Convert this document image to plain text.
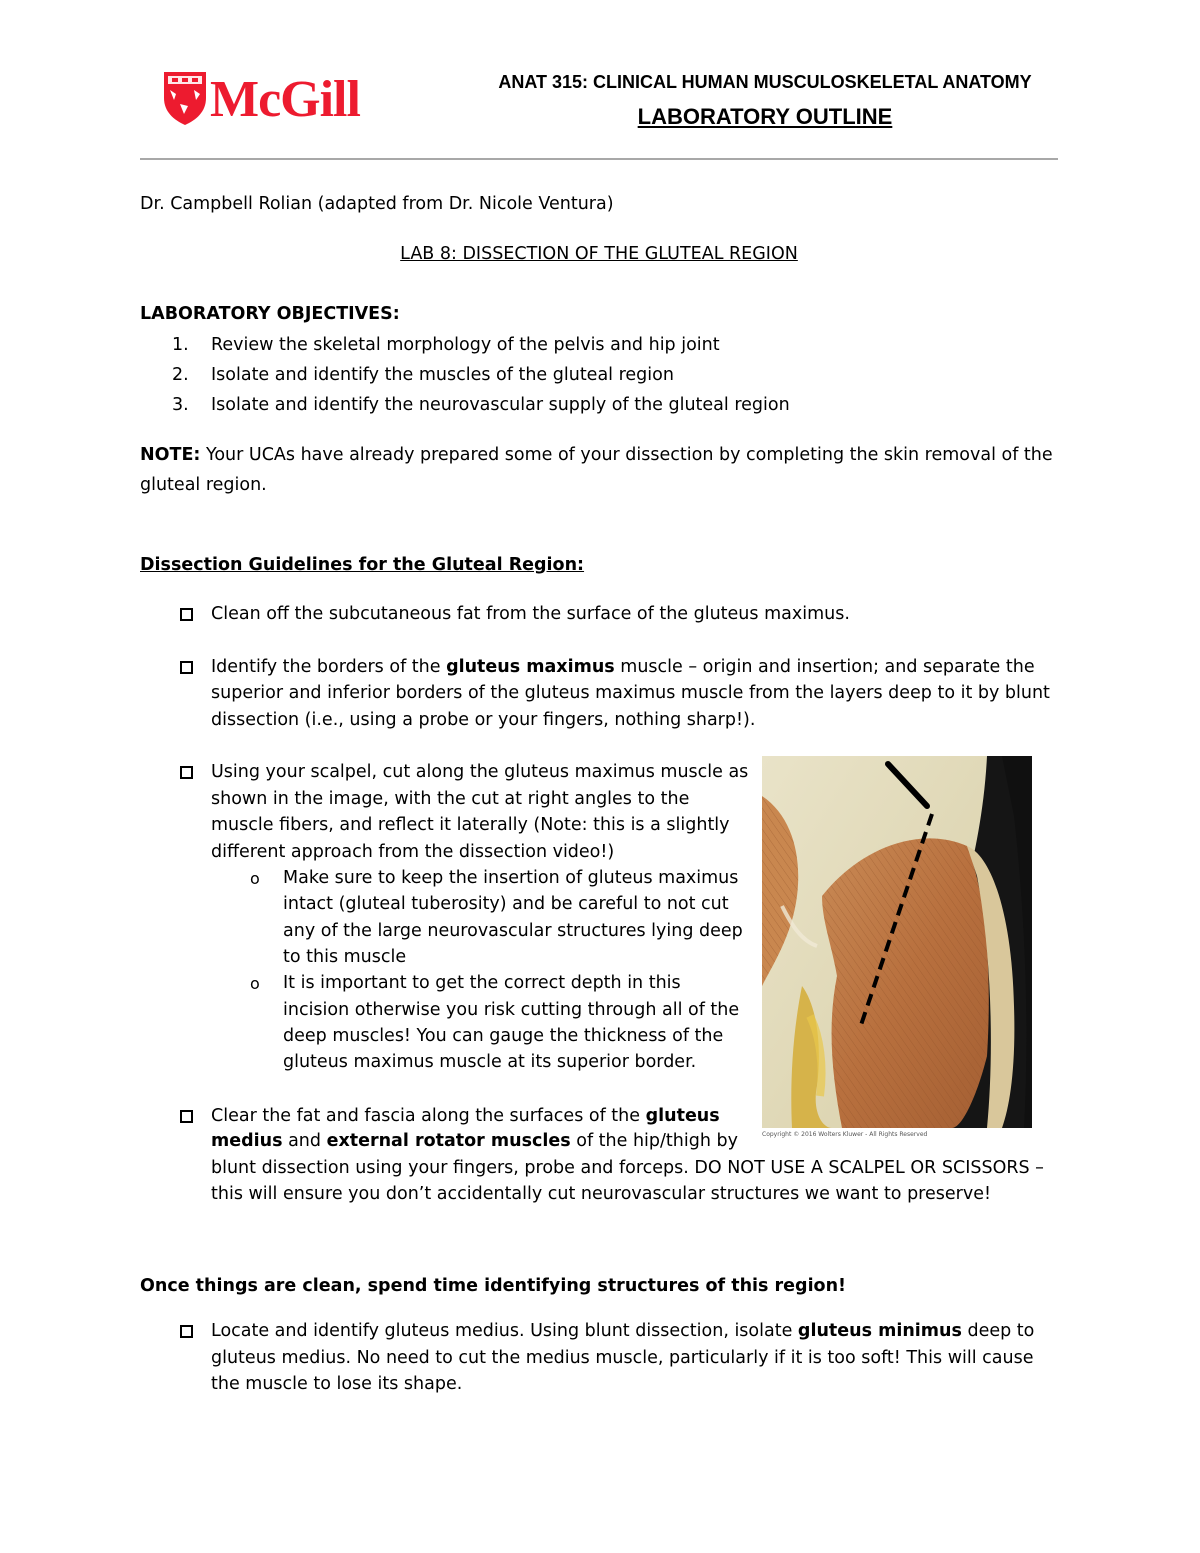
McGill	ANAT 315: CLINICAL HUMAN MUSCULOSKELETAL ANATOMY
LABORATORY OUTLINE
Dr. Campbell Rolian (adapted from Dr. Nicole Ventura)
LAB 8: DISSECTION OF THE GLUTEAL REGION
LABORATORY OBJECTIVES:
1. Review the skeletal morphology of the pelvis and hip joint
2. Isolate and identify the muscles of the gluteal region
3. Isolate and identify the neurovascular supply of the gluteal region
NOTE: Your UCAs have already prepared some of your dissection by completing the skin removal of the
gluteal region.
Dissection Guidelines for the Gluteal Region:
Clean off the subcutaneous fat from the surface of the gluteus maximus.
Identify the borders of the gluteus maximus muscle – origin and insertion; and separate the
superior and inferior borders of the gluteus maximus muscle from the layers deep to it by blunt
dissection (i.e., using a probe or your fingers, nothing sharp!).
Using your scalpel, cut along the gluteus maximus muscle as
shown in the image, with the cut at right angles to the
muscle fibers, and reflect it laterally (Note: this is a slightly
different approach from the dissection video!)
o Make sure to keep the insertion of gluteus maximus
intact (gluteal tuberosity) and be careful to not cut
any of the large neurovascular structures lying deep
to this muscle
o It is important to get the correct depth in this
incision otherwise you risk cutting through all of the
deep muscles! You can gauge the thickness of the
gluteus maximus muscle at its superior border.
Copyright © 2016 Wolters Kluwer - All Rights Reserved
Clear the fat and fascia along the surfaces of the gluteus
medius and external rotator muscles of the hip/thigh by
blunt dissection using your fingers, probe and forceps. DO NOT USE A SCALPEL OR SCISSORS –
this will ensure you don’t accidentally cut neurovascular structures we want to preserve!
Once things are clean, spend time identifying structures of this region!
Locate and identify gluteus medius. Using blunt dissection, isolate gluteus minimus deep to
gluteus medius. No need to cut the medius muscle, particularly if it is too soft! This will cause
the muscle to lose its shape.
